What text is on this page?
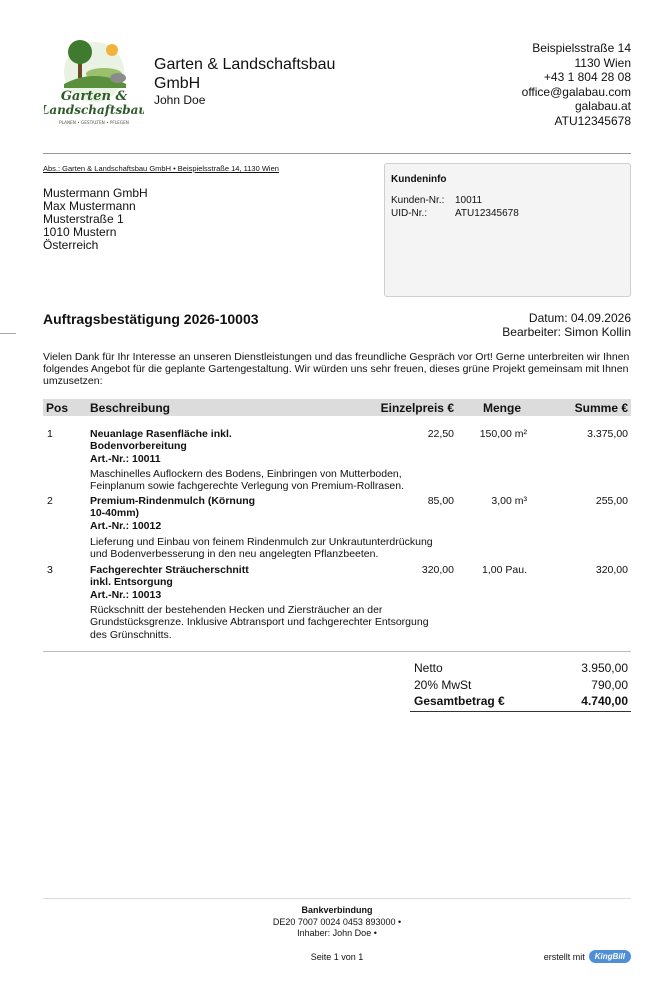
Garten &
Landschaftsbau
PLANEN • GESTALTEN • PFLEGEN
Garten & Landschaftsbau
GmbH
John Doe
Beispielsstraße 14
1130 Wien
+43 1 804 28 08
office@galabau.com
galabau.at
ATU12345678
Abs.: Garten & Landschaftsbau GmbH • Beispielsstraße 14, 1130 Wien
Mustermann GmbH
Max Mustermann
Musterstraße 1
1010 Mustern
Österreich
Kundeninfo
Kunden-Nr.:	10011
UID-Nr.:	ATU12345678
Auftragsbestätigung 2026-10003	Datum: 04.09.2026
Bearbeiter: Simon Kollin
Vielen Dank für Ihr Interesse an unseren Dienstleistungen und das freundliche Gespräch vor Ort! Gerne unterbreiten wir Ihnen folgendes Angebot für die geplante Gartengestaltung. Wir würden uns sehr freuen, dieses grüne Projekt gemeinsam mit Ihnen umzusetzen:
Pos Beschreibung	Einzelpreis € Menge	Summe €
1	Neuanlage Rasenfläche inkl.
Bodenvorbereitung
Art.-Nr.: 10011
22,50 150,00 m²	3.375,00
Maschinelles Auflockern des Bodens, Einbringen von Mutterboden,
Feinplanum sowie fachgerechte Verlegung von Premium-Rollrasen.
2	Premium-Rindenmulch (Körnung
10-40mm)
Art.-Nr.: 10012
85,00	3,00 m³	255,00
Lieferung und Einbau von feinem Rindenmulch zur Unkrautunterdrückung
und Bodenverbesserung in den neu angelegten Pflanzbeeten.
3	Fachgerechter Sträucherschnitt
inkl. Entsorgung
Art.-Nr.: 10013
320,00	1,00 Pau.	320,00
Rückschnitt der bestehenden Hecken und Ziersträucher an der
Grundstücksgrenze. Inklusive Abtransport und fachgerechter Entsorgung
des Grünschnitts.
Netto	3.950,00
20% MwSt	790,00
Gesamtbetrag €	4.740,00
Bankverbindung
DE20 7007 0024 0453 893000 •
Inhaber: John Doe •
Seite 1 von 1	erstellt mit	KingBill
